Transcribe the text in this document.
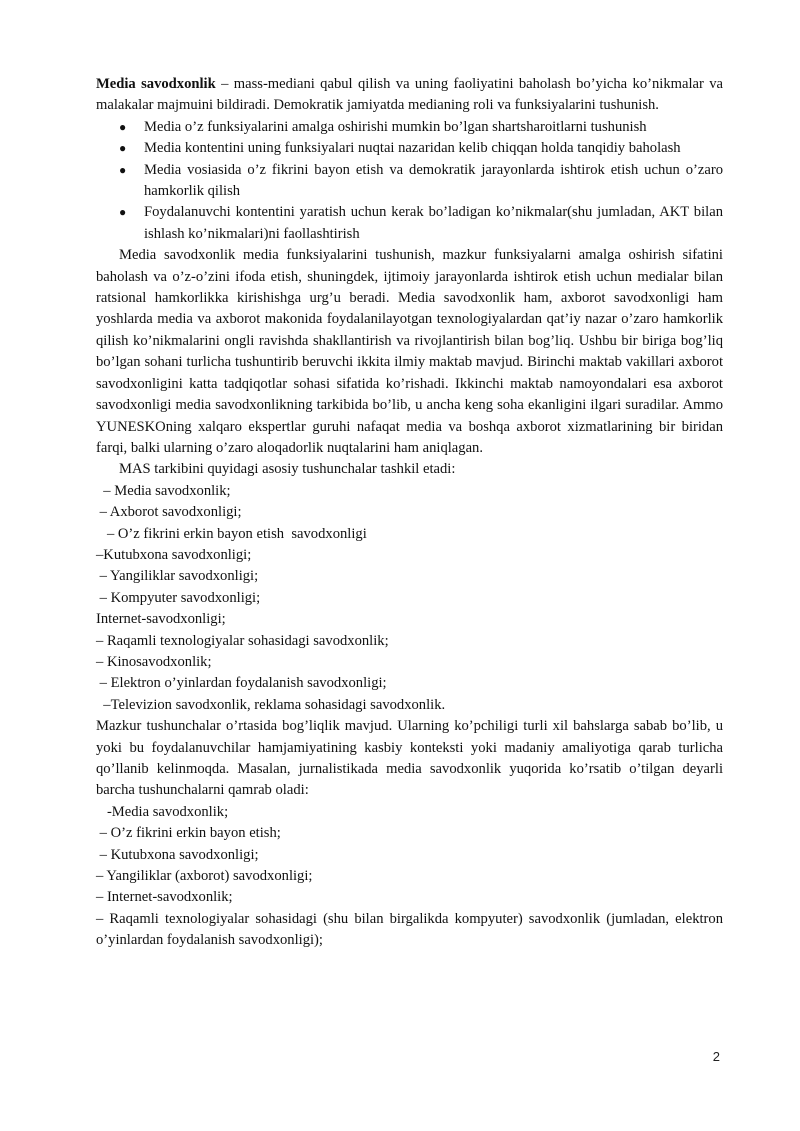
Media savodxonlik – mass-mediani qabul qilish va uning faoliyatini baholash bo’yicha ko’nikmalar va malakalar majmuini bildiradi. Demokratik jamiyatda medianing roli va funksiyalarini tushunish.

● Media o’z funksiyalarini amalga oshirishi mumkin bo’lgan shartsharoitlarni tushunish
● Media kontentini uning funksiyalari nuqtai nazaridan kelib chiqqan holda tanqidiy baholash
● Media vosiasida o’z fikrini bayon etish va demokratik jarayonlarda ishtirok etish uchun o’zaro hamkorlik qilish
● Foydalanuvchi kontentini yaratish uchun kerak bo’ladigan ko’nikmalar(shu jumladan, AKT bilan ishlash ko’nikmalari)ni faollashtirish

Media savodxonlik media funksiyalarini tushunish, mazkur funksiyalarni amalga oshirish sifatini baholash va o’z-o’zini ifoda etish, shuningdek, ijtimoiy jarayonlarda ishtirok etish uchun medialar bilan ratsional hamkorlikka kirishishga urg’u beradi. Media savodxonlik ham, axborot savodxonligi ham yoshlarda media va axborot makonida foydalanilayotgan texnologiyalardan qat’iy nazar o’zaro hamkorlik qilish ko’nikmalarini ongli ravishda shakllantirish va rivojlantirish bilan bog’liq. Ushbu bir biriga bog’liq bo’lgan sohani turlicha tushuntirib beruvchi ikkita ilmiy maktab mavjud. Birinchi maktab vakillari axborot savodxonligini katta tadqiqotlar sohasi sifatida ko’rishadi. Ikkinchi maktab namoyondalari esa axborot savodxonligi media savodxonlikning tarkibida bo’lib, u ancha keng soha ekanligini ilgari suradilar. Ammo YUNESKOning xalqaro ekspertlar guruhi nafaqat media va boshqa axborot xizmatlarining bir biridan farqi, balki ularning o’zaro aloqadorlik nuqtalarini ham aniqlagan.

MAS tarkibini quyidagi asosiy tushunchalar tashkil etadi:

– Media savodxonlik;

– Axborot savodxonligi;

– O’z fikrini erkin bayon etish  savodxonligi

–Kutubxona savodxonligi;

– Yangiliklar savodxonligi;

– Kompyuter savodxonligi;

Internet-savodxonligi;

– Raqamli texnologiyalar sohasidagi savodxonlik;

– Kinosavodxonlik;

– Elektron o’yinlardan foydalanish savodxonligi;

–Televizion savodxonlik, reklama sohasidagi savodxonlik.

Mazkur tushunchalar o’rtasida bog’liqlik mavjud. Ularning ko’pchiligi turli xil bahslarga sabab bo’lib, u yoki bu foydalanuvchilar hamjamiyatining kasbiy konteksti yoki madaniy amaliyotiga qarab turlicha qo’llanib kelinmoqda. Masalan, jurnalistikada media savodxonlik yuqorida ko’rsatib o’tilgan deyarli barcha tushunchalarni qamrab oladi:

-Media savodxonlik;

– O’z fikrini erkin bayon etish;

– Kutubxona savodxonligi;

– Yangiliklar (axborot) savodxonligi;

– Internet-savodxonlik;

– Raqamli texnologiyalar sohasidagi (shu bilan birgalikda kompyuter) savodxonlik (jumladan, elektron o’yinlardan foydalanish savodxonligi);

2
